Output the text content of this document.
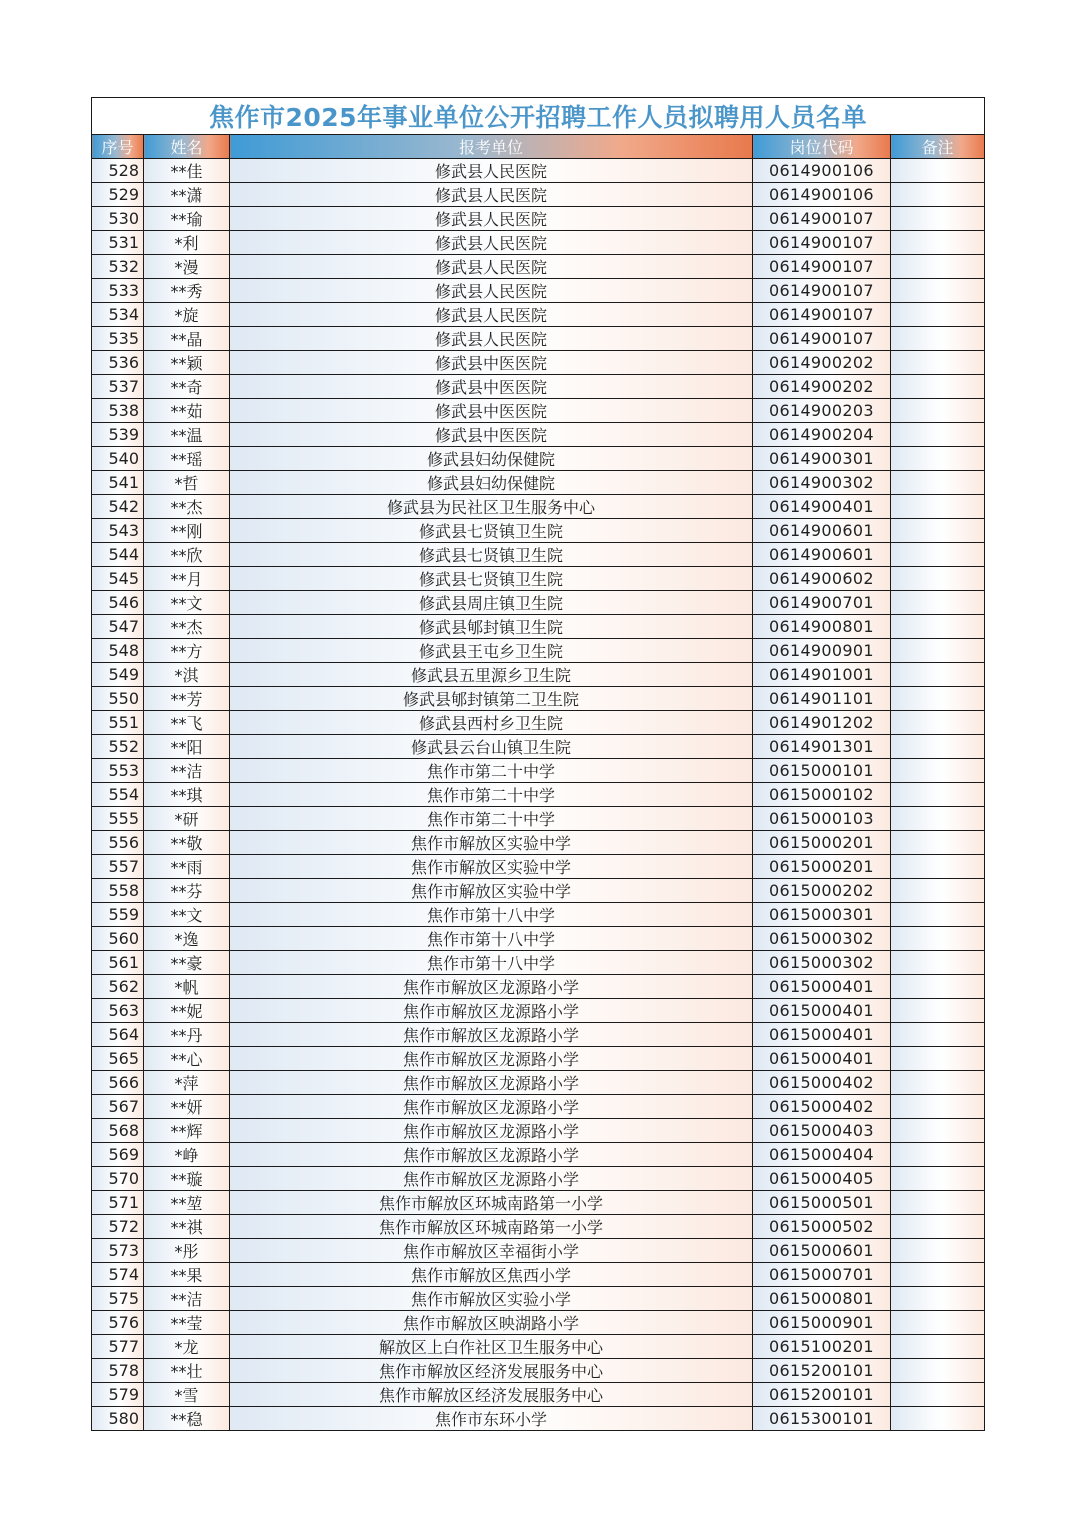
焦作市2025年事业单位公开招聘工作人员拟聘用人员名单				
序号	姓名	报考单位	岗位代码	备注
528	**佳	修武县人民医院	0614900106	
529	**潇	修武县人民医院	0614900106	
530	**瑜	修武县人民医院	0614900107	
531	*利	修武县人民医院	0614900107	
532	*漫	修武县人民医院	0614900107	
533	**秀	修武县人民医院	0614900107	
534	*旋	修武县人民医院	0614900107	
535	**晶	修武县人民医院	0614900107	
536	**颖	修武县中医医院	0614900202	
537	**奇	修武县中医医院	0614900202	
538	**茹	修武县中医医院	0614900203	
539	**温	修武县中医医院	0614900204	
540	**瑶	修武县妇幼保健院	0614900301	
541	*哲	修武县妇幼保健院	0614900302	
542	**杰	修武县为民社区卫生服务中心	0614900401	
543	**刚	修武县七贤镇卫生院	0614900601	
544	**欣	修武县七贤镇卫生院	0614900601	
545	**月	修武县七贤镇卫生院	0614900602	
546	**文	修武县周庄镇卫生院	0614900701	
547	**杰	修武县郇封镇卫生院	0614900801	
548	**方	修武县王屯乡卫生院	0614900901	
549	*淇	修武县五里源乡卫生院	0614901001	
550	**芳	修武县郇封镇第二卫生院	0614901101	
551	**飞	修武县西村乡卫生院	0614901202	
552	**阳	修武县云台山镇卫生院	0614901301	
553	**洁	焦作市第二十中学	0615000101	
554	**琪	焦作市第二十中学	0615000102	
555	*研	焦作市第二十中学	0615000103	
556	**敬	焦作市解放区实验中学	0615000201	
557	**雨	焦作市解放区实验中学	0615000201	
558	**芬	焦作市解放区实验中学	0615000202	
559	**文	焦作市第十八中学	0615000301	
560	*逸	焦作市第十八中学	0615000302	
561	**豪	焦作市第十八中学	0615000302	
562	*帆	焦作市解放区龙源路小学	0615000401	
563	**妮	焦作市解放区龙源路小学	0615000401	
564	**丹	焦作市解放区龙源路小学	0615000401	
565	**心	焦作市解放区龙源路小学	0615000401	
566	*萍	焦作市解放区龙源路小学	0615000402	
567	**妍	焦作市解放区龙源路小学	0615000402	
568	**辉	焦作市解放区龙源路小学	0615000403	
569	*峥	焦作市解放区龙源路小学	0615000404	
570	**璇	焦作市解放区龙源路小学	0615000405	
571	**堃	焦作市解放区环城南路第一小学	0615000501	
572	**祺	焦作市解放区环城南路第一小学	0615000502	
573	*彤	焦作市解放区幸福街小学	0615000601	
574	**果	焦作市解放区焦西小学	0615000701	
575	**洁	焦作市解放区实验小学	0615000801	
576	**莹	焦作市解放区映湖路小学	0615000901	
577	*龙	解放区上白作社区卫生服务中心	0615100201	
578	**壮	焦作市解放区经济发展服务中心	0615200101	
579	*雪	焦作市解放区经济发展服务中心	0615200101	
580	**稳	焦作市东环小学	0615300101	
